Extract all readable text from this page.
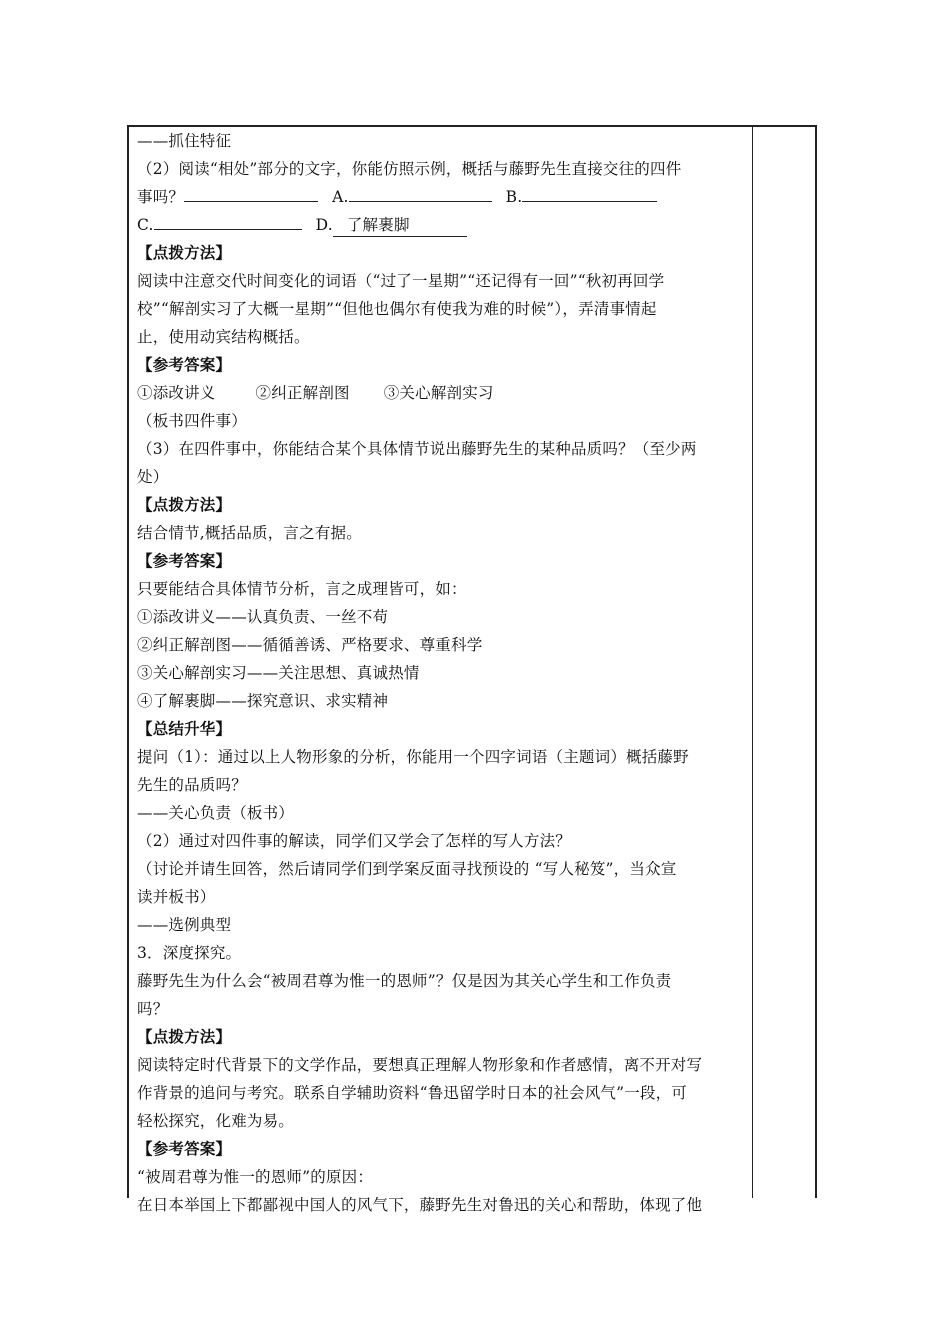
——抓住特征
（2）阅读“相处”部分的文字，你能仿照示例，概括与藤野先生直接交往的四件
事吗？	A.	B.
C.	D. 了解裹脚
【点拨方法】
阅读中注意交代时间变化的词语（“过了一星期”“还记得有一回”“秋初再回学
校”“解剖实习了大概一星期”“但他也偶尔有使我为难的时候”），弄清事情起
止，使用动宾结构概括。
【参考答案】
①添改讲义	②纠正解剖图 ③关心解剖实习
（板书四件事）
（3）在四件事中，你能结合某个具体情节说出藤野先生的某种品质吗？（至少两
处）
【点拨方法】
结合情节,概括品质，言之有据。
【参考答案】
只要能结合具体情节分析，言之成理皆可，如：
①添改讲义——认真负责、一丝不苟
②纠正解剖图——循循善诱、严格要求、尊重科学
③关心解剖实习——关注思想、真诚热情
④了解裹脚——探究意识、求实精神
【总结升华】
提问（1）：通过以上人物形象的分析，你能用一个四字词语（主题词）概括藤野
先生的品质吗？
——关心负责（板书）
（2）通过对四件事的解读，同学们又学会了怎样的写人方法？
（讨论并请生回答，然后请同学们到学案反面寻找预设的 “写人秘笈”，当众宣
读并板书）
——选例典型
3．深度探究。
藤野先生为什么会“被周君尊为惟一的恩师”？仅是因为其关心学生和工作负责
吗？
【点拨方法】
阅读特定时代背景下的文学作品，要想真正理解人物形象和作者感情，离不开对写
作背景的追问与考究。联系自学辅助资料“鲁迅留学时日本的社会风气”一段，可
轻松探究，化难为易。
【参考答案】
“被周君尊为惟一的恩师”的原因：
在日本举国上下都鄙视中国人的风气下，藤野先生对鲁迅的关心和帮助，体现了他
